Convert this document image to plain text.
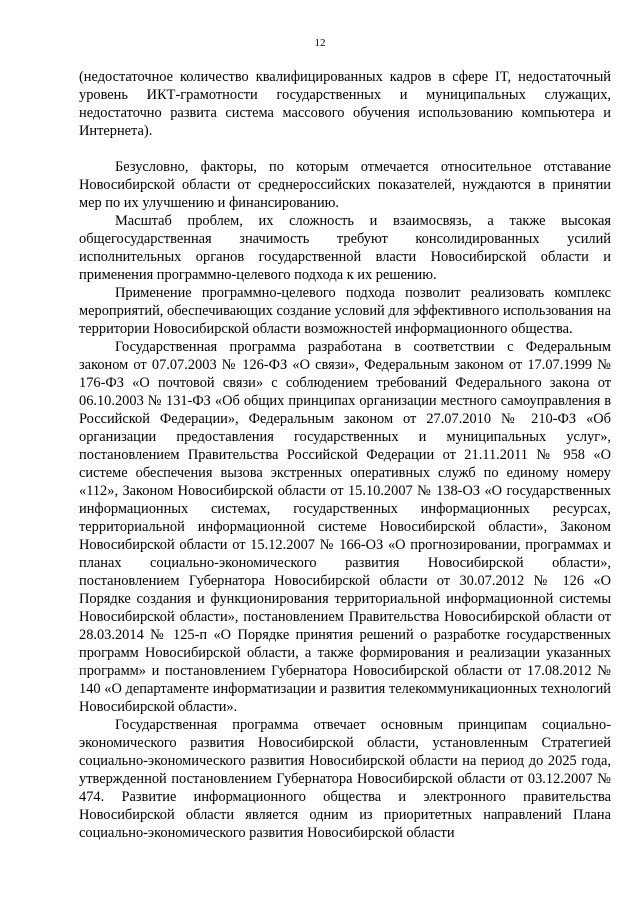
12

(недостаточное количество квалифицированных кадров в сфере IT, недостаточный уровень ИКТ-грамотности государственных и муниципальных служащих, недостаточно развита система массового обучения использованию компьютера и Интернета).

Безусловно, факторы, по которым отмечается относительное отставание Новосибирской области от среднероссийских показателей, нуждаются в принятии мер по их улучшению и финансированию.

Масштаб проблем, их сложность и взаимосвязь, а также высокая общегосударственная значимость требуют консолидированных усилий исполнительных органов государственной власти Новосибирской области и применения программно-целевого подхода к их решению.

Применение программно-целевого подхода позволит реализовать комплекс мероприятий, обеспечивающих создание условий для эффективного использования на территории Новосибирской области возможностей информационного общества.

Государственная программа разработана в соответствии с Федеральным законом от 07.07.2003 № 126-ФЗ «О связи», Федеральным законом от 17.07.1999 № 176-ФЗ «О почтовой связи» с соблюдением требований Федерального закона от 06.10.2003 № 131-ФЗ «Об общих принципах организации местного самоуправления в Российской Федерации», Федеральным законом от 27.07.2010 № 210-ФЗ «Об организации предоставления государственных и муниципальных услуг», постановлением Правительства Российской Федерации от 21.11.2011 № 958 «О системе обеспечения вызова экстренных оперативных служб по единому номеру «112», Законом Новосибирской области от 15.10.2007 № 138-ОЗ «О государственных информационных системах, государственных информационных ресурсах, территориальной информационной системе Новосибирской области», Законом Новосибирской области от 15.12.2007 № 166-ОЗ «О прогнозировании, программах и планах социально-экономического развития Новосибирской области», постановлением Губернатора Новосибирской области от 30.07.2012 № 126 «О Порядке создания и функционирования территориальной информационной системы Новосибирской области», постановлением Правительства Новосибирской области от 28.03.2014 № 125-п «О Порядке принятия решений о разработке государственных программ Новосибирской области, а также формирования и реализации указанных программ» и постановлением Губернатора Новосибирской области от 17.08.2012 № 140 «О департаменте информатизации и развития телекоммуникационных технологий Новосибирской области».

Государственная программа отвечает основным принципам социально-экономического развития Новосибирской области, установленным Стратегией социально-экономического развития Новосибирской области на период до 2025 года, утвержденной постановлением Губернатора Новосибирской области от 03.12.2007 № 474. Развитие информационного общества и электронного правительства Новосибирской области является одним из приоритетных направлений Плана социально-экономического развития Новосибирской области
